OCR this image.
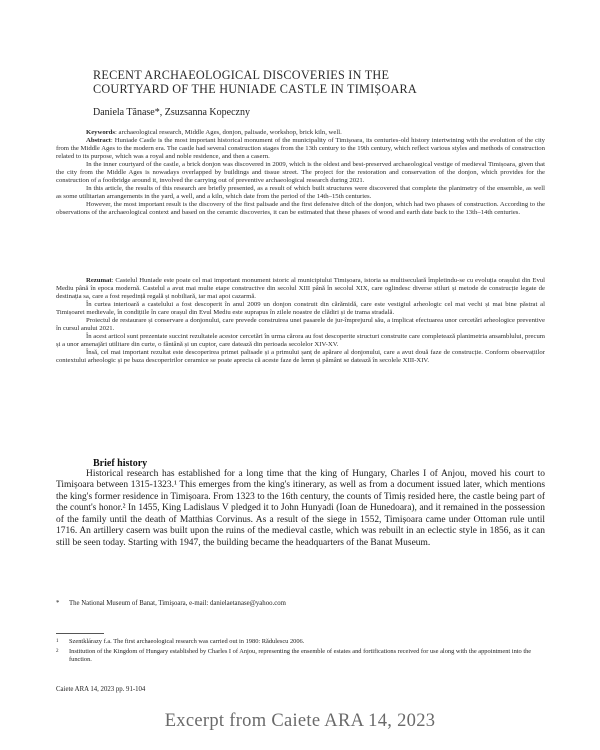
RECENT ARCHAEOLOGICAL DISCOVERIES IN THE
COURTYARD OF THE HUNIADE CASTLE IN TIMIȘOARA
Daniela Tănase*, Zsuzsanna Kopeczny
Keywords: archaeological research, Middle Ages, donjon, palisade, workshop, brick kiln, well.
Abstract: Huniade Castle is the most important historical monument of the municipality of Timișoara, its centuries-old history intertwining with the evolution of the city from the Middle Ages to the modern era. The castle had several construction stages from the 13th century to the 19th century, which reflect various styles and methods of construction related to its purpose, which was a royal and noble residence, and then a casern.
In the inner courtyard of the castle, a brick donjon was discovered in 2009, which is the oldest and best-preserved archaeological vestige of medieval Timișoara, given that the city from the Middle Ages is nowadays overlapped by buildings and tissue street. The project for the restoration and conservation of the donjon, which provides for the construction of a footbridge around it, involved the carrying out of preventive archaeological research during 2021.
In this article, the results of this research are briefly presented, as a result of which built structures were discovered that complete the planimetry of the ensemble, as well as some utilitarian arrangements in the yard, a well, and a kiln, which date from the period of the 14th–15th centuries.
However, the most important result is the discovery of the first palisade and the first defensive ditch of the donjon, which had two phases of construction. According to the observations of the archaeological context and based on the ceramic discoveries, it can be estimated that these phases of wood and earth date back to the 13th–14th centuries.
Rezumat: Castelul Huniade este poate cel mai important monument istoric al municipiului Timișoara, istoria sa multiseculară împletindu-se cu evoluția orașului din Evul Mediu până în epoca modernă. Castelul a avut mai multe etape constructive din secolul XIII până în secolul XIX, care oglindesc diverse stiluri și metode de construcție legate de destinația sa, care a fost reședință regală și nobiliară, iar mai apoi cazarmă.
În curtea interioară a castelului a fost descoperit în anul 2009 un donjon construit din cărămidă, care este vestigiul arheologic cel mai vechi și mai bine păstrat al Timișoarei medievale, în condițiile în care orașul din Evul Mediu este suprapus în zilele noastre de clădiri și de trama stradală.
Proiectul de restaurare și conservare a donjonului, care prevede construirea unei pasarele de jur-împrejurul său, a implicat efectuarea unor cercetări arheologice preventive în cursul anului 2021.
În acest articol sunt prezentate succint rezultatele acestor cercetări în urma cărora au fost descoperite structuri construite care completează planimetria ansamblului, precum și a unor amenajări utilitare din curte, o fântână și un cuptor, care datează din perioada secolelor XIV-XV.
Însă, cel mai important rezultat este descoperirea primei palisade și a primului șanț de apărare al donjonului, care a avut două faze de construcție. Conform observațiilor contextului arheologic și pe baza descoperirilor ceramice se poate aprecia că aceste faze de lemn și pământ se datează în secolele XIII-XIV.
Brief history
Historical research has established for a long time that the king of Hungary, Charles I of Anjou, moved his court to Timișoara between 1315-1323.¹ This emerges from the king's itinerary, as well as from a document issued later, which mentions the king's former residence in Timișoara. From 1323 to the 16th century, the counts of Timiș resided here, the castle being part of the count's honor.² In 1455, King Ladislaus V pledged it to John Hunyadi (Ioan de Hunedoara), and it remained in the possession of the family until the death of Matthias Corvinus. As a result of the siege in 1552, Timișoara came under Ottoman rule until 1716. An artillery casern was built upon the ruins of the medieval castle, which was rebuilt in an eclectic style in 1856, as it can still be seen today. Starting with 1947, the building became the headquarters of the Banat Museum.
* The National Museum of Banat, Timișoara, e-mail: danielaetanase@yahoo.com
1 Szentklárazy f.a. The first archaeological research was carried out in 1980: Rădulescu 2006.
2 Institution of the Kingdom of Hungary established by Charles I of Anjou, representing the ensemble of estates and fortifications received for use along with the appointment into the function.
Caiete ARA 14, 2023 pp. 91-104
Excerpt from Caiete ARA 14, 2023
